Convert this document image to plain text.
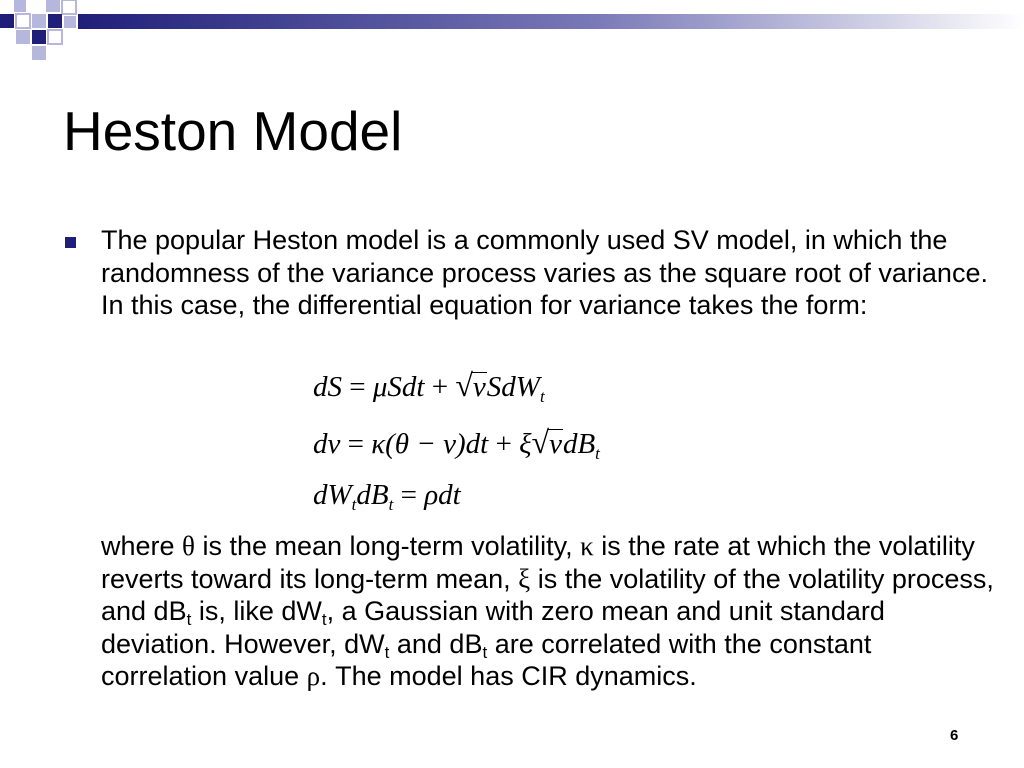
Heston Model
The popular Heston model is a commonly used SV model, in which the randomness of the variance process varies as the square root of variance. In this case, the differential equation for variance takes the form:
dS = μSdt + √vSdW$_t$
dv = κ(θ − v)dt + ξ√vdB$_t$
$dW_tdB_t = \rho dt$
where θ is the mean long-term volatility, κ is the rate at which the volatility reverts toward its long-term mean, ξ is the volatility of the volatility process, and $dB_t$ is, like $dW_t$, a Gaussian with zero mean and unit standard deviation. However, $dW_t$ and $dB_t$ are correlated with the constant correlation value ρ. The model has CIR dynamics.
6
